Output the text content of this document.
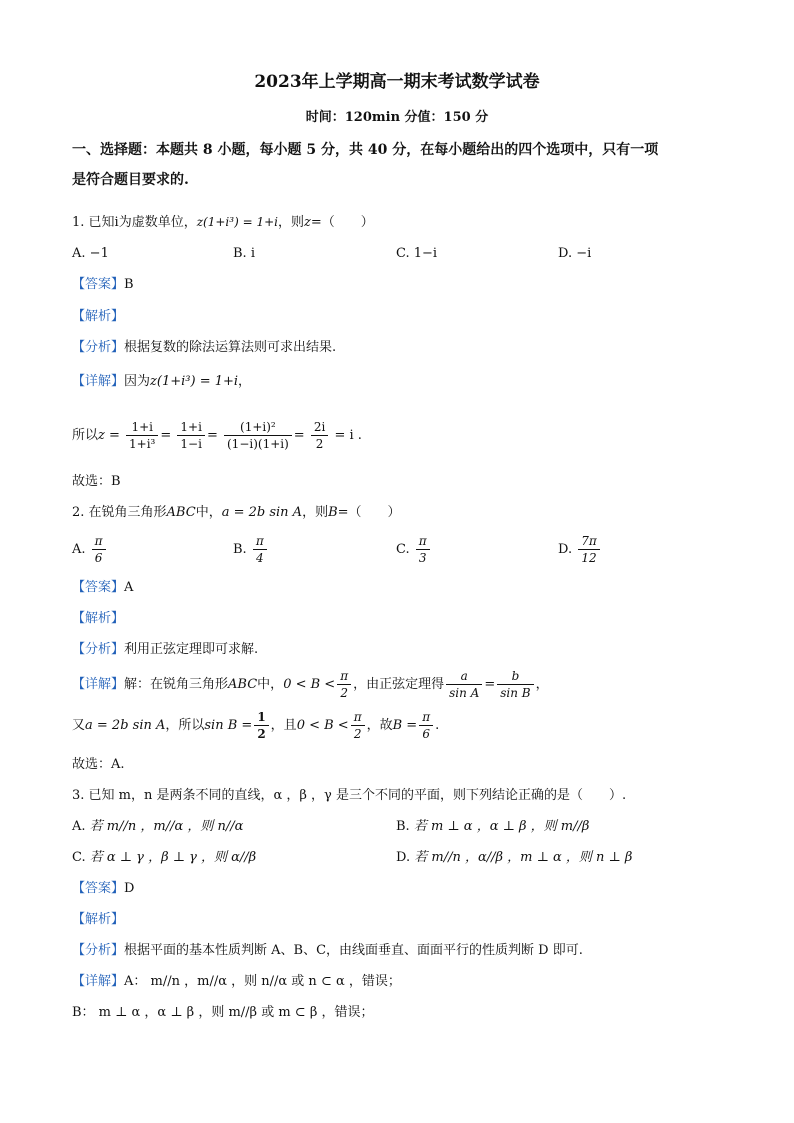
2023年上学期高一期末考试数学试卷
时间：120min 分值：150 分
一、选择题：本题共 8 小题，每小题 5 分，共 40 分，在每小题给出的四个选项中，只有一项
是符合题目要求的.
1. 已知i为虚数单位，z(1+i³) = 1+i，则z=（　　）
A. −1	B. i	C. 1−i	D. −i
【答案】B
【解析】
【分析】根据复数的除法运算法则可求出结果.
【详解】因为z(1+i³) = 1+i，
所以$z = \frac{1+i}{\text{1+i³}} = \frac{1+i}{1-i} = \frac{\text{(1+i)²}}{(1-i)(1+i)} = \frac{2i}{2} = i$ .
故选：B
2. 在锐角三角形ABC中，a = 2b sin A，则B=（　　）
A. $\frac{\pi}{6}$	B. $\frac{\pi}{4}$	C. $\frac{\pi}{3}$	D. $\frac{7\pi}{12}$
【答案】A
【解析】
【分析】利用正弦定理即可求解.
【详解】解：在锐角三角形ABC中，$0 < B < \frac{\pi}{2}$ ，由正弦定理得 $\frac{a}{\text{sin A}} = \frac{b}{\text{sin B}}$ ，
又a = 2b sin A，所以$\sin B = \frac{1}{2}$ ，且$0 < B < \frac{\pi}{2}$ ，故$B = \frac{\pi}{6}$ .
故选：A.
3. 已知 m，n 是两条不同的直线，α ，β ，γ 是三个不同的平面，则下列结论正确的是（　　）.
A. 若 m//n ，m//α ，则 n//α	B. 若 m ⊥ α ，α ⊥ β ，则 m//β
C. 若 α ⊥ γ ，β ⊥ γ ，则 α//β	D. 若 m//n ，α//β ，m ⊥ α ，则 n ⊥ β
【答案】D
【解析】
【分析】根据平面的基本性质判断 A、B、C，由线面垂直、面面平行的性质判断 D 即可.
【详解】A： m//n ，m//α ，则 n//α 或 n ⊂ α ，错误；
B： m ⊥ α ，α ⊥ β ，则 m//β 或 m ⊂ β ，错误；
